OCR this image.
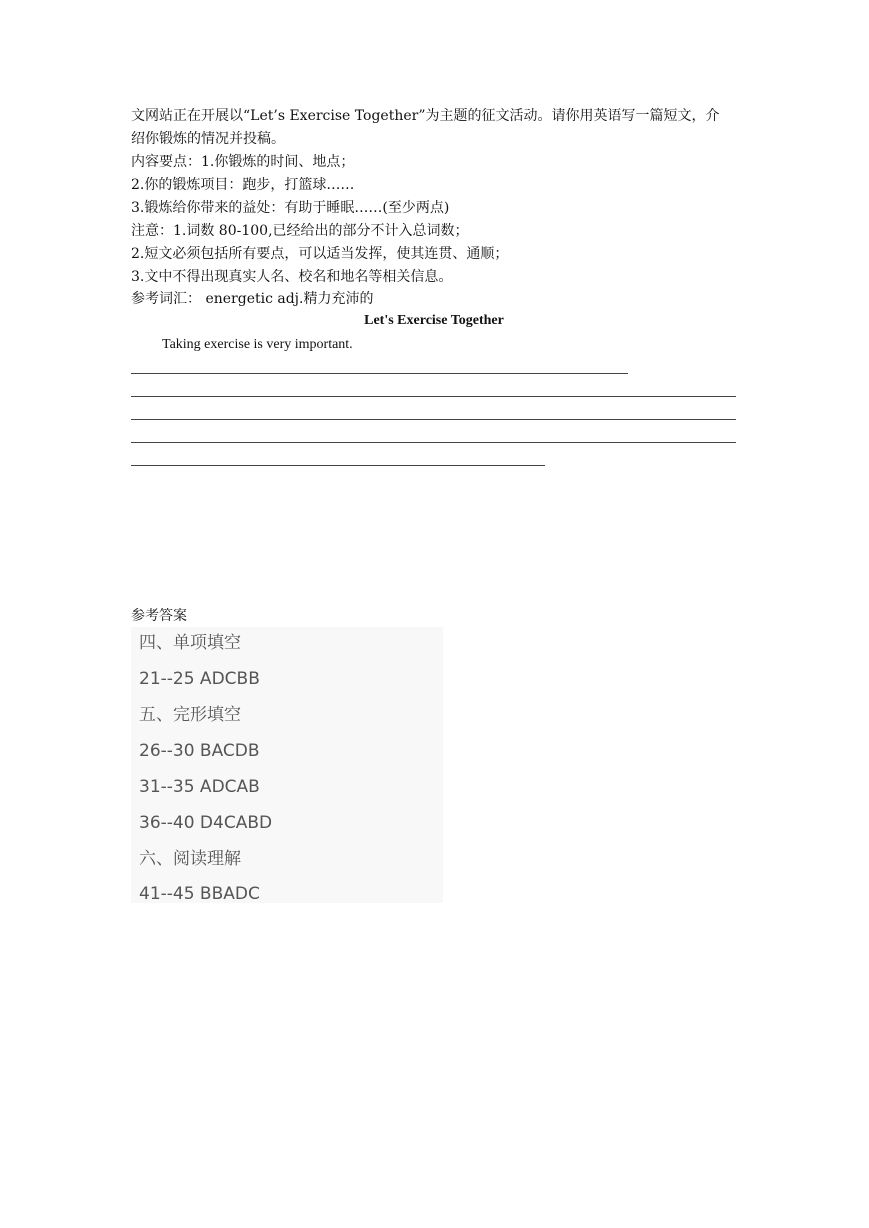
文网站正在开展以“Let’s Exercise Together”为主题的征文活动。请你用英语写一篇短文，介
绍你锻炼的情况并投稿。
内容要点：1.你锻炼的时间、地点；
2.你的锻炼项目：跑步，打篮球……
3.锻炼给你带来的益处：有助于睡眠……(至少两点)
注意：1.词数 80-100,已经给出的部分不计入总词数；
2.短文必须包括所有要点，可以适当发挥，使其连贯、通顺；
3.文中不得出现真实人名、校名和地名等相关信息。
参考词汇： energetic adj.精力充沛的
Let's Exercise Together
Taking exercise is very important.
参考答案
四、单项填空
21--25 ADCBB
五、完形填空
26--30 BACDB
31--35 ADCAB
36--40 D4CABD
六、阅读理解
41--45 BBADC
